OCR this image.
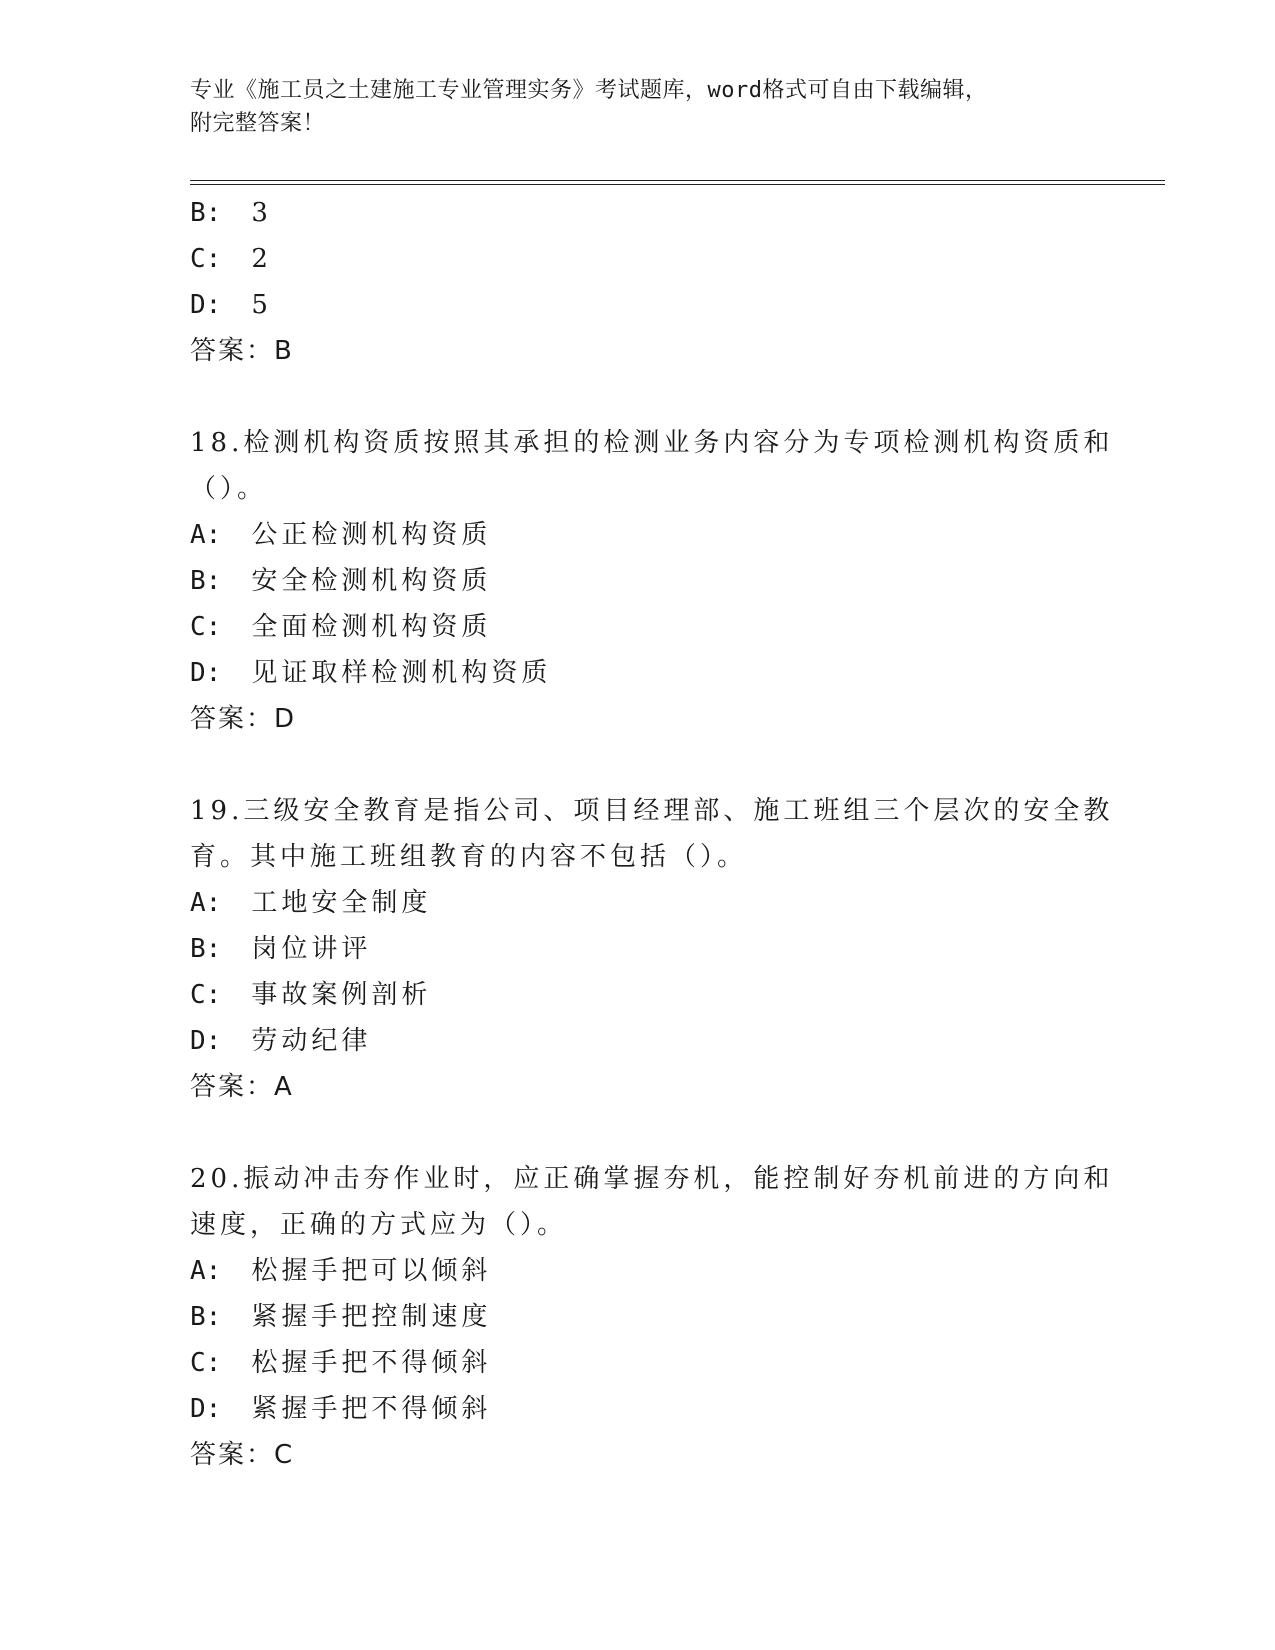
专业《施工员之土建施工专业管理实务》考试题库，word格式可自由下载编辑，
附完整答案！
B: 3
C: 2
D: 5
答案：B
18.检测机构资质按照其承担的检测业务内容分为专项检测机构资质和
（）。
A: 公正检测机构资质
B: 安全检测机构资质
C: 全面检测机构资质
D: 见证取样检测机构资质
答案：D
19.三级安全教育是指公司、项目经理部、施工班组三个层次的安全教
育。其中施工班组教育的内容不包括（）。
A: 工地安全制度
B: 岗位讲评
C: 事故案例剖析
D: 劳动纪律
答案：A
20.振动冲击夯作业时，应正确掌握夯机，能控制好夯机前进的方向和
速度，正确的方式应为（）。
A: 松握手把可以倾斜
B: 紧握手把控制速度
C: 松握手把不得倾斜
D: 紧握手把不得倾斜
答案：C
